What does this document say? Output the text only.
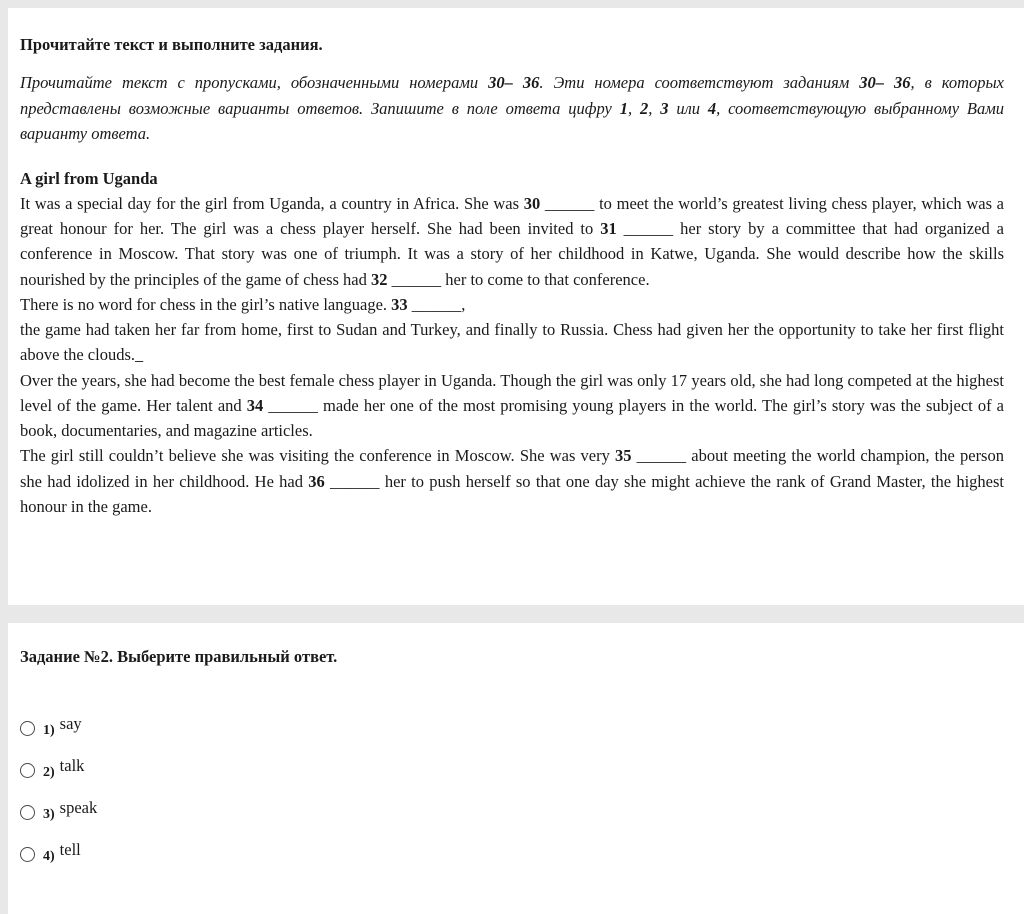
Прочитайте текст и выполните задания.
Прочитайте текст с пропусками, обозначенными номерами 30– 36. Эти номера соответствуют заданиям 30– 36, в которых представлены возможные варианты ответов. Запишите в поле ответа цифру 1, 2, 3 или 4, соответствующую выбранному Вами варианту ответа.
A girl from Uganda

It was a special day for the girl from Uganda, a country in Africa. She was 30 ______ to meet the world’s greatest living chess player, which was a great honour for her. The girl was a chess player herself. She had been invited to 31 ______ her story by a committee that had organized a conference in Moscow. That story was one of triumph. It was a story of her childhood in Katwe, Uganda. She would describe how the skills nourished by the principles of the game of chess had 32 ______ her to come to that conference.

There is no word for chess in the girl’s native language. 33 ______,

the game had taken her far from home, first to Sudan and Turkey, and finally to Russia. Chess had given her the opportunity to take her first flight above the clouds. ̲

Over the years, she had become the best female chess player in Uganda. Though the girl was only 17 years old, she had long competed at the highest level of the game. Her talent and 34 ______ made her one of the most promising young players in the world. The girl’s story was the subject of a book, documentaries, and magazine articles.

The girl still couldn’t believe she was visiting the conference in Moscow. She was very 35 ______ about meeting the world champion, the person she had idolized in her childhood. He had 36 ______ her to push herself so that one day she might achieve the rank of Grand Master, the highest honour in the game.

Задание №2. Выберите правильный ответ.
1) say
2) talk
3) speak
4) tell
